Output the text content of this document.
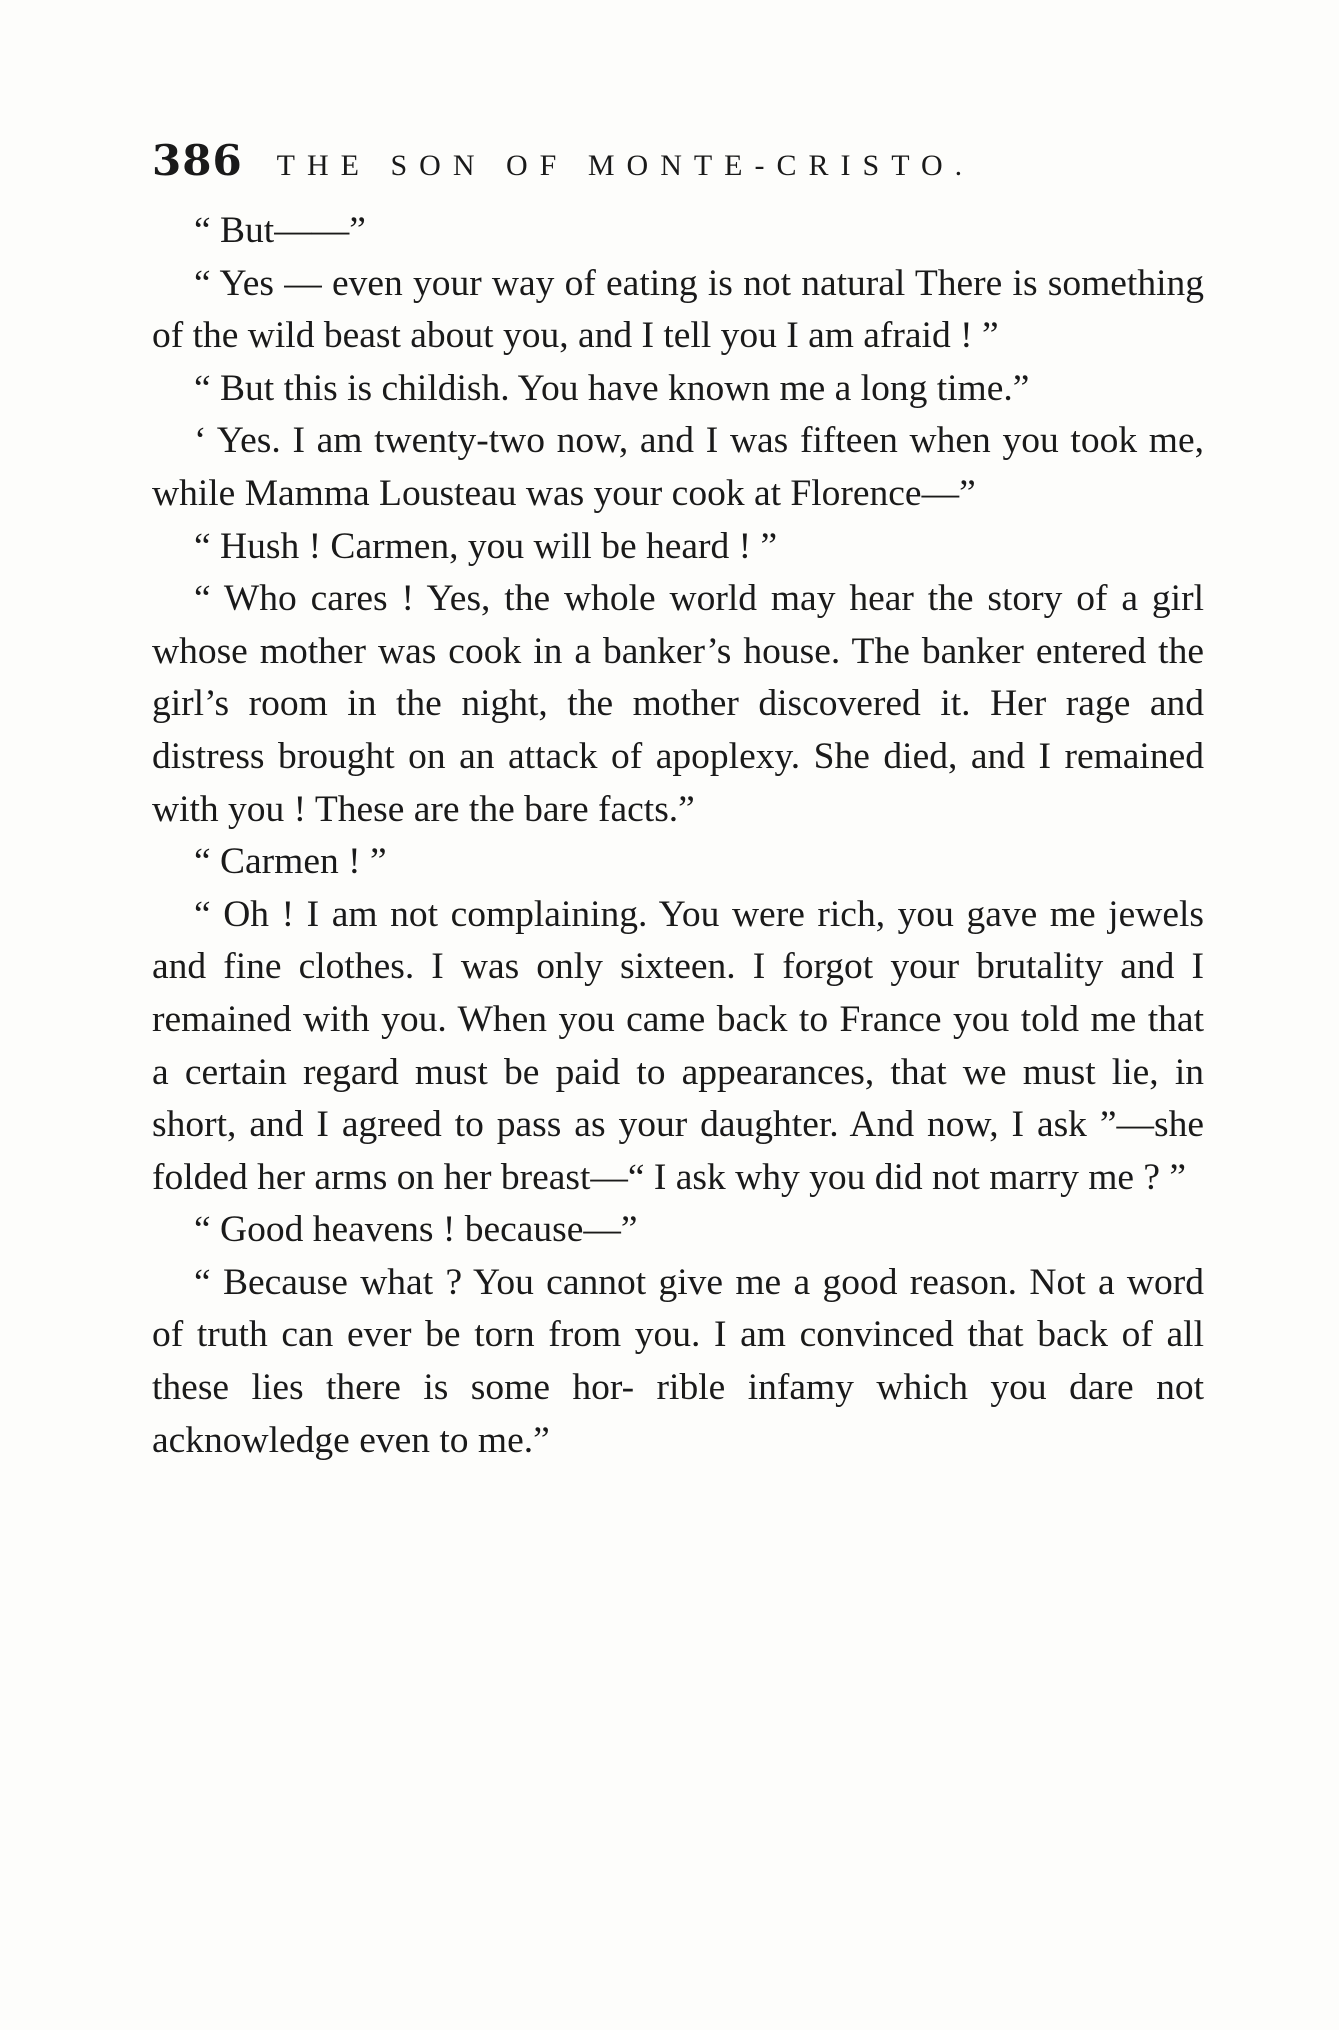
386 THE SON OF MONTE-CRISTO.

“ But——”

“ Yes — even your way of eating is not natural There is something of the wild beast about you, and I tell you I am afraid ! ”

“ But this is childish. You have known me a long time.”

‘ Yes. I am twenty-two now, and I was fifteen when you took me, while Mamma Lousteau was your cook at Florence—”

“ Hush ! Carmen, you will be heard ! ”

“ Who cares ! Yes, the whole world may hear the story of a girl whose mother was cook in a banker’s house. The banker entered the girl’s room in the night, the mother discovered it. Her rage and distress brought on an attack of apoplexy. She died, and I remained with you ! These are the bare facts.”

“ Carmen ! ”

“ Oh ! I am not complaining. You were rich, you gave me jewels and fine clothes. I was only sixteen. I forgot your brutality and I remained with you. When you came back to France you told me that a certain regard must be paid to appearances, that we must lie, in short, and I agreed to pass as your daughter. And now, I ask ”—she folded her arms on her breast—“ I ask why you did not marry me ? ”

“ Good heavens ! because—”

“ Because what ? You cannot give me a good reason. Not a word of truth can ever be torn from you. I am convinced that back of all these lies there is some hor- rible infamy which you dare not acknowledge even to me.”
